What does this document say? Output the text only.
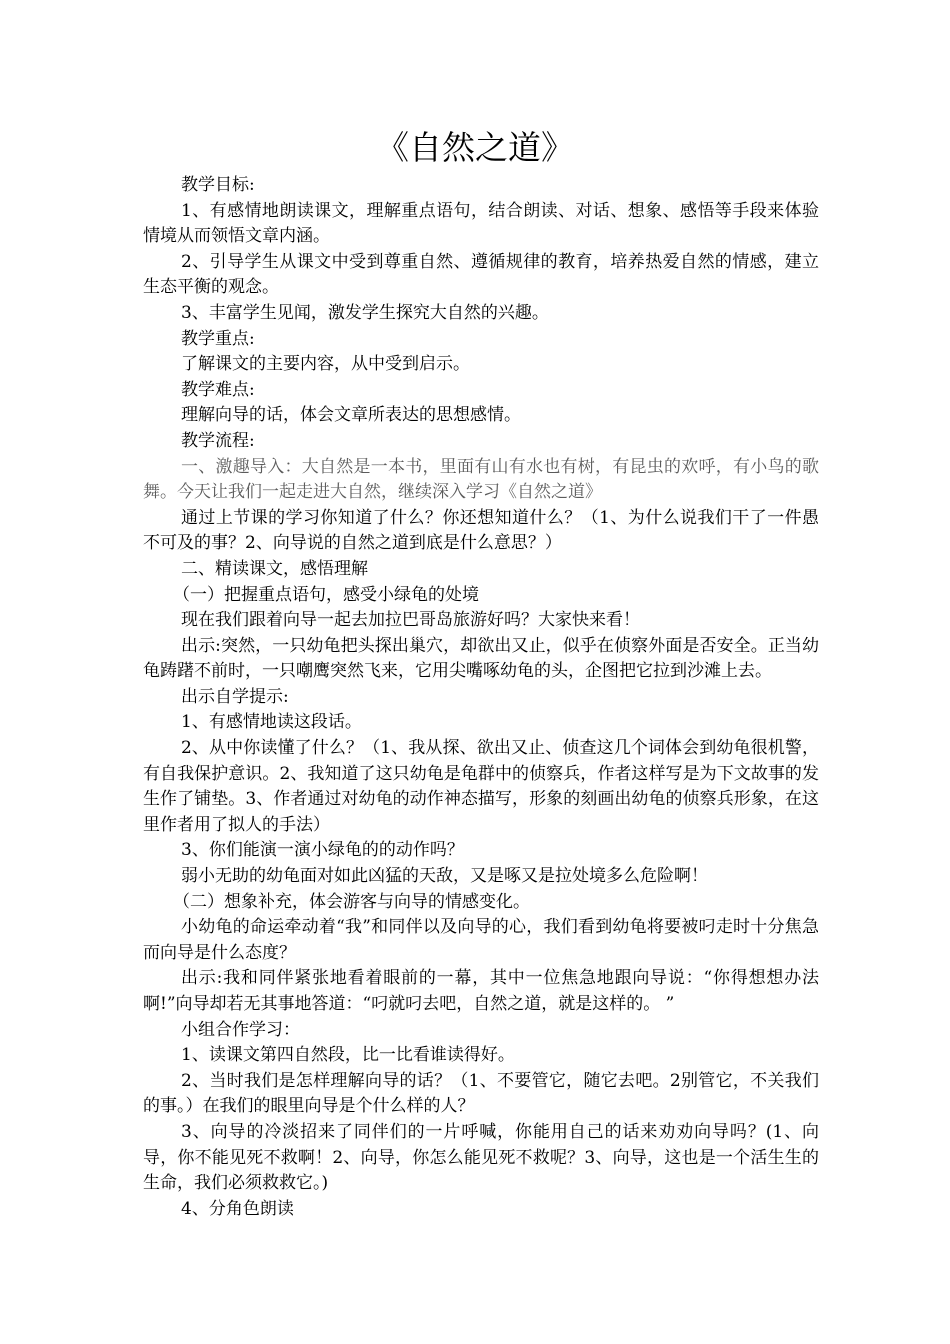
《自然之道》

教学目标:

1、有感情地朗读课文，理解重点语句，结合朗读、对话、想象、感悟等手段来体验情境从而领悟文章内涵。

2、引导学生从课文中受到尊重自然、遵循规律的教育，培养热爱自然的情感，建立生态平衡的观念。

3、丰富学生见闻，激发学生探究大自然的兴趣。

教学重点:

了解课文的主要内容，从中受到启示。

教学难点:

理解向导的话，体会文章所表达的思想感情。

教学流程:

一、激趣导入：大自然是一本书，里面有山有水也有树，有昆虫的欢呼，有小鸟的歌舞。今天让我们一起走进大自然，继续深入学习《自然之道》

通过上节课的学习你知道了什么？你还想知道什么？（1、为什么说我们干了一件愚不可及的事？2、向导说的自然之道到底是什么意思？）

二、精读课文，感悟理解

（一）把握重点语句，感受小绿龟的处境

现在我们跟着向导一起去加拉巴哥岛旅游好吗？大家快来看！

出示:突然，一只幼龟把头探出巢穴，却欲出又止，似乎在侦察外面是否安全。正当幼龟踌躇不前时，一只嘲鹰突然飞来，它用尖嘴啄幼龟的头，企图把它拉到沙滩上去。

出示自学提示:

1、有感情地读这段话。

2、从中你读懂了什么？（1、我从探、欲出又止、侦查这几个词体会到幼龟很机警，有自我保护意识。2、我知道了这只幼龟是龟群中的侦察兵，作者这样写是为下文故事的发生作了铺垫。3、作者通过对幼龟的动作神态描写，形象的刻画出幼龟的侦察兵形象，在这里作者用了拟人的手法）

3、你们能演一演小绿龟的的动作吗？

弱小无助的幼龟面对如此凶猛的天敌，又是啄又是拉处境多么危险啊！

（二）想象补充，体会游客与向导的情感变化。

小幼龟的命运牵动着“我”和同伴以及向导的心，我们看到幼龟将要被叼走时十分焦急而向导是什么态度？

出示:我和同伴紧张地看着眼前的一幕，其中一位焦急地跟向导说：“你得想想办法啊!”向导却若无其事地答道：“叼就叼去吧，自然之道，就是这样的。 ”

小组合作学习：

1、读课文第四自然段，比一比看谁读得好。

2、当时我们是怎样理解向导的话？（1、不要管它，随它去吧。2别管它，不关我们的事。）在我们的眼里向导是个什么样的人？

3、向导的冷淡招来了同伴们的一片呼喊，你能用自己的话来劝劝向导吗？(1、向导，你不能见死不救啊！2、向导，你怎么能见死不救呢？3、向导，这也是一个活生生的生命，我们必须救救它。)

4、分角色朗读
